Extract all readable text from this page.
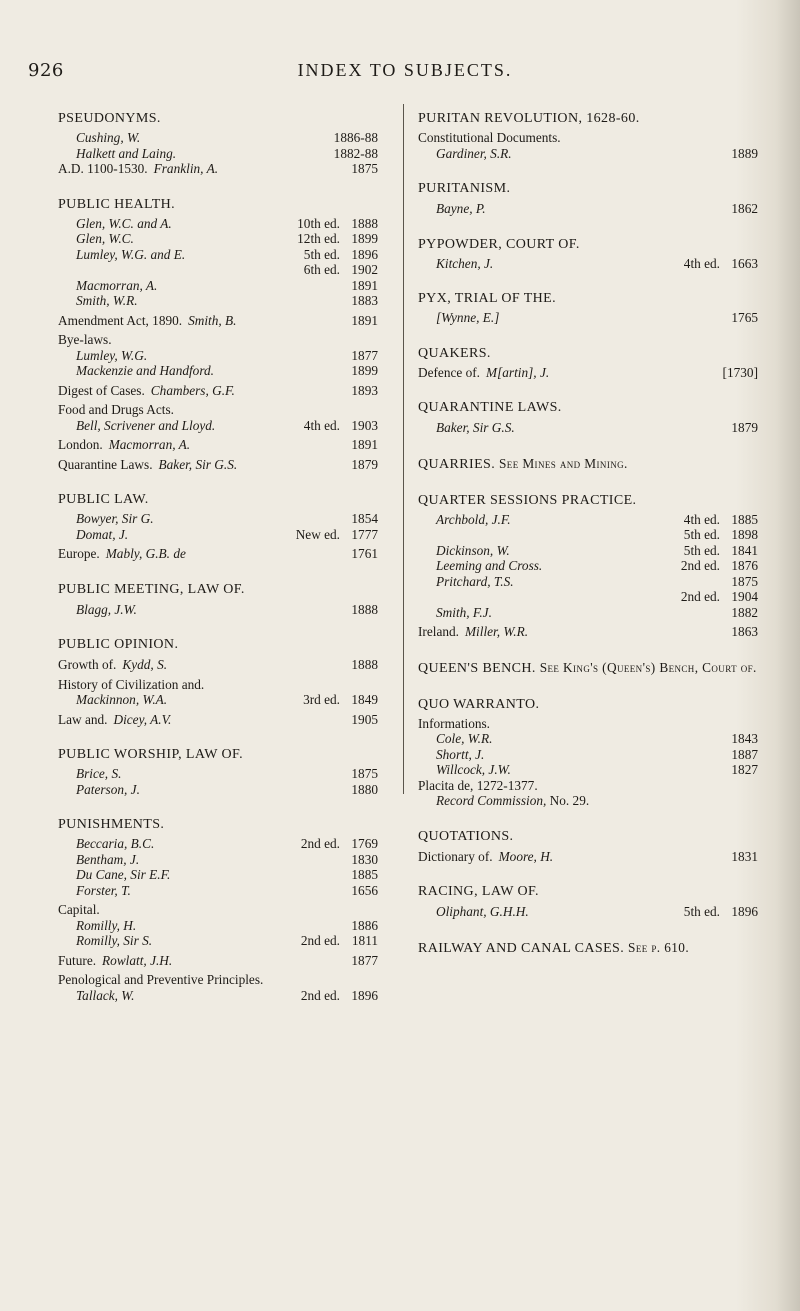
926	INDEX TO SUBJECTS.
PSEUDONYMS.
Cushing, W.	1886-88
Halkett and Laing.	1882-88
A.D. 1100-1530. Franklin, A.	1875
PUBLIC HEALTH.
Glen, W.C. and A.	10th ed. 1888
Glen, W.C.	12th ed. 1899
Lumley, W.G. and E.	5th ed. 1896
6th ed. 1902
Macmorran, A.	1891
Smith, W.R.	1883
Amendment Act, 1890. Smith, B.	1891
Bye-laws.
Lumley, W.G.	1877
Mackenzie and Handford.	1899
Digest of Cases. Chambers, G.F.	1893
Food and Drugs Acts.
Bell, Scrivener and Lloyd.	4th ed. 1903
London. Macmorran, A.	1891
Quarantine Laws. Baker, Sir G.S.	1879
PUBLIC LAW.
Bowyer, Sir G.	1854
Domat, J.	New ed. 1777
Europe. Mably, G.B. de	1761
PUBLIC MEETING, LAW OF.
Blagg, J.W.	1888
PUBLIC OPINION.
Growth of. Kydd, S.	1888
History of Civilization and.
Mackinnon, W.A.	3rd ed. 1849
Law and. Dicey, A.V.	1905
PUBLIC WORSHIP, LAW OF.
Brice, S.	1875
Paterson, J.	1880
PUNISHMENTS.
Beccaria, B.C.	2nd ed. 1769
Bentham, J.	1830
Du Cane, Sir E.F.	1885
Forster, T.	1656
Capital.
Romilly, H.	1886
Romilly, Sir S.	2nd ed. 1811
Future. Rowlatt, J.H.	1877
Penological and Preventive Principles.
Tallack, W.	2nd ed. 1896
PURITAN REVOLUTION, 1628-60.
Constitutional Documents.
Gardiner, S.R.	1889
PURITANISM.
Bayne, P.	1862
PYPOWDER, COURT OF.
Kitchen, J.	4th ed. 1663
PYX, TRIAL OF THE.
[Wynne, E.]	1765
QUAKERS.
Defence of. M[artin], J.	[1730]
QUARANTINE LAWS.
Baker, Sir G.S.	1879
QUARRIES. See Mines and Mining.
QUARTER SESSIONS PRACTICE.
Archbold, J.F.	4th ed. 1885
5th ed. 1898
Dickinson, W.	5th ed. 1841
Leeming and Cross.	2nd ed. 1876
Pritchard, T.S.	1875
2nd ed. 1904
Smith, F.J.	1882
Ireland. Miller, W.R.	1863
QUEEN'S BENCH. See King's (Queen's) Bench, Court of.
QUO WARRANTO.
Informations.
Cole, W.R.	1843
Shortt, J.	1887
Willcock, J.W.	1827
Placita de, 1272-1377.
Record Commission, No. 29.
QUOTATIONS.
Dictionary of. Moore, H.	1831
RACING, LAW OF.
Oliphant, G.H.H.	5th ed. 1896
RAILWAY AND CANAL CASES. See p. 610.
